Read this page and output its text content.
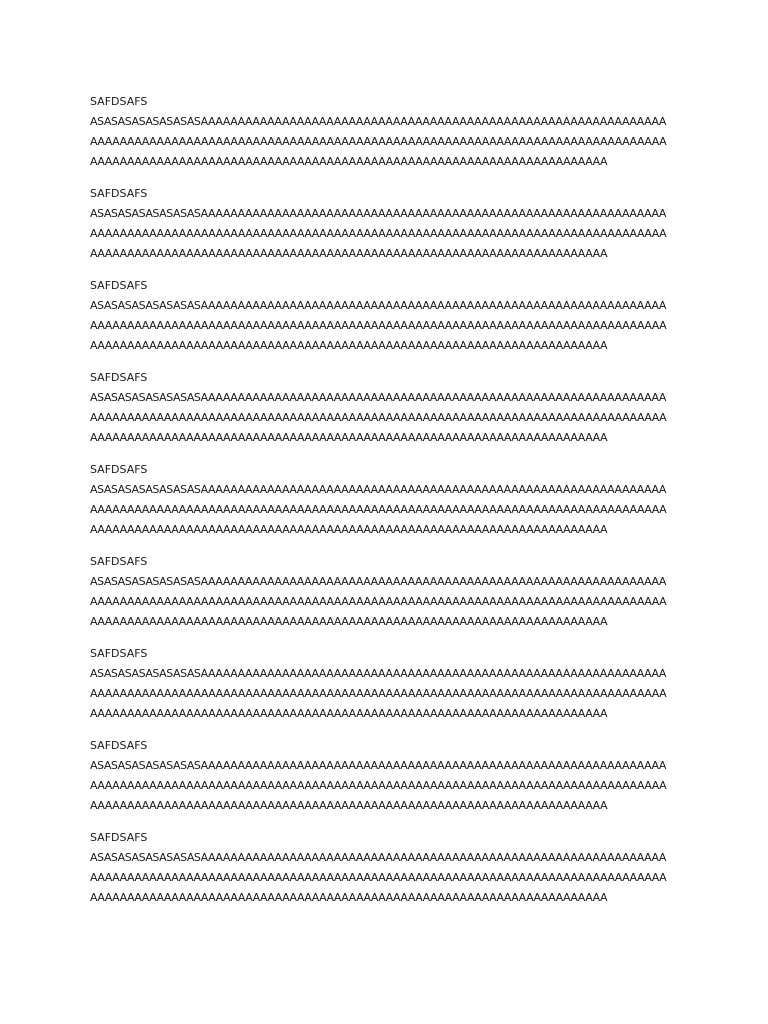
SAFDSAFS
ASASASASASASASASAAAAAAAAAAAAAAAAAAAAAAAAAAAAAAAAAAAAAAAAAAAAAAAAAAAAAAAAAAAAAAA
AAAAAAAAAAAAAAAAAAAAAAAAAAAAAAAAAAAAAAAAAAAAAAAAAAAAAAAAAAAAAAAAAAAAAAAAAAAAAA
AAAAAAAAAAAAAAAAAAAAAAAAAAAAAAAAAAAAAAAAAAAAAAAAAAAAAAAAAAAAAAAAAAAAAA
SAFDSAFS
ASASASASASASASASAAAAAAAAAAAAAAAAAAAAAAAAAAAAAAAAAAAAAAAAAAAAAAAAAAAAAAAAAAAAAAA
AAAAAAAAAAAAAAAAAAAAAAAAAAAAAAAAAAAAAAAAAAAAAAAAAAAAAAAAAAAAAAAAAAAAAAAAAAAAAA
AAAAAAAAAAAAAAAAAAAAAAAAAAAAAAAAAAAAAAAAAAAAAAAAAAAAAAAAAAAAAAAAAAAAAA
SAFDSAFS
ASASASASASASASASAAAAAAAAAAAAAAAAAAAAAAAAAAAAAAAAAAAAAAAAAAAAAAAAAAAAAAAAAAAAAAA
AAAAAAAAAAAAAAAAAAAAAAAAAAAAAAAAAAAAAAAAAAAAAAAAAAAAAAAAAAAAAAAAAAAAAAAAAAAAAA
AAAAAAAAAAAAAAAAAAAAAAAAAAAAAAAAAAAAAAAAAAAAAAAAAAAAAAAAAAAAAAAAAAAAAA
SAFDSAFS
ASASASASASASASASAAAAAAAAAAAAAAAAAAAAAAAAAAAAAAAAAAAAAAAAAAAAAAAAAAAAAAAAAAAAAAA
AAAAAAAAAAAAAAAAAAAAAAAAAAAAAAAAAAAAAAAAAAAAAAAAAAAAAAAAAAAAAAAAAAAAAAAAAAAAAA
AAAAAAAAAAAAAAAAAAAAAAAAAAAAAAAAAAAAAAAAAAAAAAAAAAAAAAAAAAAAAAAAAAAAAA
SAFDSAFS
ASASASASASASASASAAAAAAAAAAAAAAAAAAAAAAAAAAAAAAAAAAAAAAAAAAAAAAAAAAAAAAAAAAAAAAA
AAAAAAAAAAAAAAAAAAAAAAAAAAAAAAAAAAAAAAAAAAAAAAAAAAAAAAAAAAAAAAAAAAAAAAAAAAAAAA
AAAAAAAAAAAAAAAAAAAAAAAAAAAAAAAAAAAAAAAAAAAAAAAAAAAAAAAAAAAAAAAAAAAAAA
SAFDSAFS
ASASASASASASASASAAAAAAAAAAAAAAAAAAAAAAAAAAAAAAAAAAAAAAAAAAAAAAAAAAAAAAAAAAAAAAA
AAAAAAAAAAAAAAAAAAAAAAAAAAAAAAAAAAAAAAAAAAAAAAAAAAAAAAAAAAAAAAAAAAAAAAAAAAAAAA
AAAAAAAAAAAAAAAAAAAAAAAAAAAAAAAAAAAAAAAAAAAAAAAAAAAAAAAAAAAAAAAAAAAAAA
SAFDSAFS
ASASASASASASASASAAAAAAAAAAAAAAAAAAAAAAAAAAAAAAAAAAAAAAAAAAAAAAAAAAAAAAAAAAAAAAA
AAAAAAAAAAAAAAAAAAAAAAAAAAAAAAAAAAAAAAAAAAAAAAAAAAAAAAAAAAAAAAAAAAAAAAAAAAAAAA
AAAAAAAAAAAAAAAAAAAAAAAAAAAAAAAAAAAAAAAAAAAAAAAAAAAAAAAAAAAAAAAAAAAAAA
SAFDSAFS
ASASASASASASASASAAAAAAAAAAAAAAAAAAAAAAAAAAAAAAAAAAAAAAAAAAAAAAAAAAAAAAAAAAAAAAA
AAAAAAAAAAAAAAAAAAAAAAAAAAAAAAAAAAAAAAAAAAAAAAAAAAAAAAAAAAAAAAAAAAAAAAAAAAAAAA
AAAAAAAAAAAAAAAAAAAAAAAAAAAAAAAAAAAAAAAAAAAAAAAAAAAAAAAAAAAAAAAAAAAAAA
SAFDSAFS
ASASASASASASASASAAAAAAAAAAAAAAAAAAAAAAAAAAAAAAAAAAAAAAAAAAAAAAAAAAAAAAAAAAAAAAA
AAAAAAAAAAAAAAAAAAAAAAAAAAAAAAAAAAAAAAAAAAAAAAAAAAAAAAAAAAAAAAAAAAAAAAAAAAAAAA
AAAAAAAAAAAAAAAAAAAAAAAAAAAAAAAAAAAAAAAAAAAAAAAAAAAAAAAAAAAAAAAAAAAAAA
